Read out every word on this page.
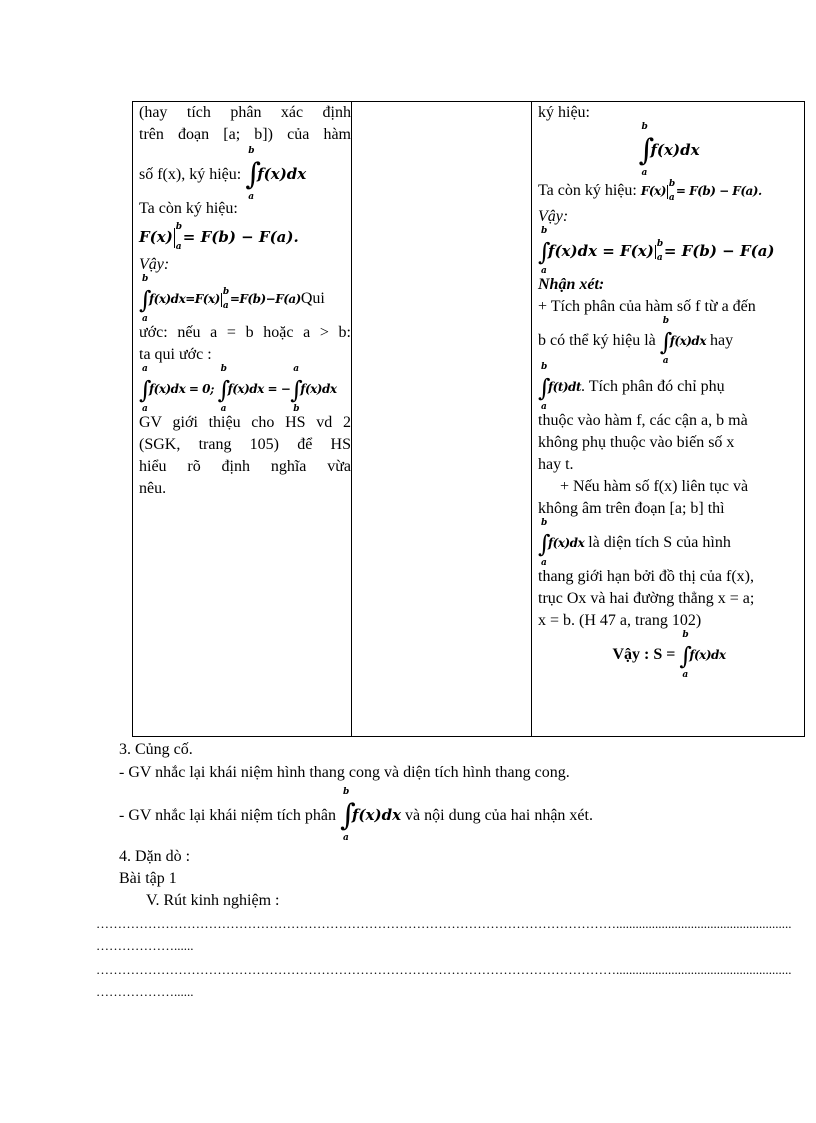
(hay tích phân xác định

trên đoạn [a; b]) của hàm

số f(x), ký hiệu:
b
∫
a
f(x)dx

Ta còn ký hiệu:

F(x)
b
a
= F(b) − F(a).

Vậy:

b
∫
a
f(x)dx=F(x)
b
a =F(b)−F(a)Qui

ước: nếu a = b hoặc a > b:

ta qui ước :

a
∫
a
f(x)dx = 0;
b
∫
a
f(x)dx = −
a
∫
b
f(x)dx

GV giới thiệu cho HS vd 2

(SGK, trang 105) để HS

hiểu rõ định nghĩa vừa

nêu.

ký hiệu:

b
∫
a
f(x)dx

Ta còn ký hiệu: F(x)
b
a = F(b) − F(a).

Vậy:

b
∫
a
f(x)dx = F(x) b
a = F(b) − F(a)

Nhận xét:

+ Tích phân của hàm số f từ a đến

b có thể ký hiệu là
b
∫
a
f(x)dx hay

b
∫
a
f(t)dt. Tích phân đó chỉ phụ

thuộc vào hàm f, các cận a, b mà

không phụ thuộc vào biến số x

hay t.

+ Nếu hàm số f(x) liên tục và

không âm trên đoạn [a; b] thì

b
∫
a
f(x)dx là diện tích S của hình

thang giới hạn bởi đồ thị của f(x),

trục Ox và hai đường thẳng x = a;

x = b. (H 47 a, trang 102)

Vậy : S =
b
∫
a
f(x)dx

3. Củng cố.
- GV nhắc lại khái niệm hình thang cong và diện tích hình thang cong.
- GV nhắc lại khái niệm tích phân
b
∫
a
f(x)dx và nội dung của hai nhận xét.
4. Dặn dò :
Bài tập 1
V. Rút kinh nghiệm :
…………………………………………………………………………………………………………......................................................
………………......
…………………………………………………………………………………………………………......................................................
………………......
